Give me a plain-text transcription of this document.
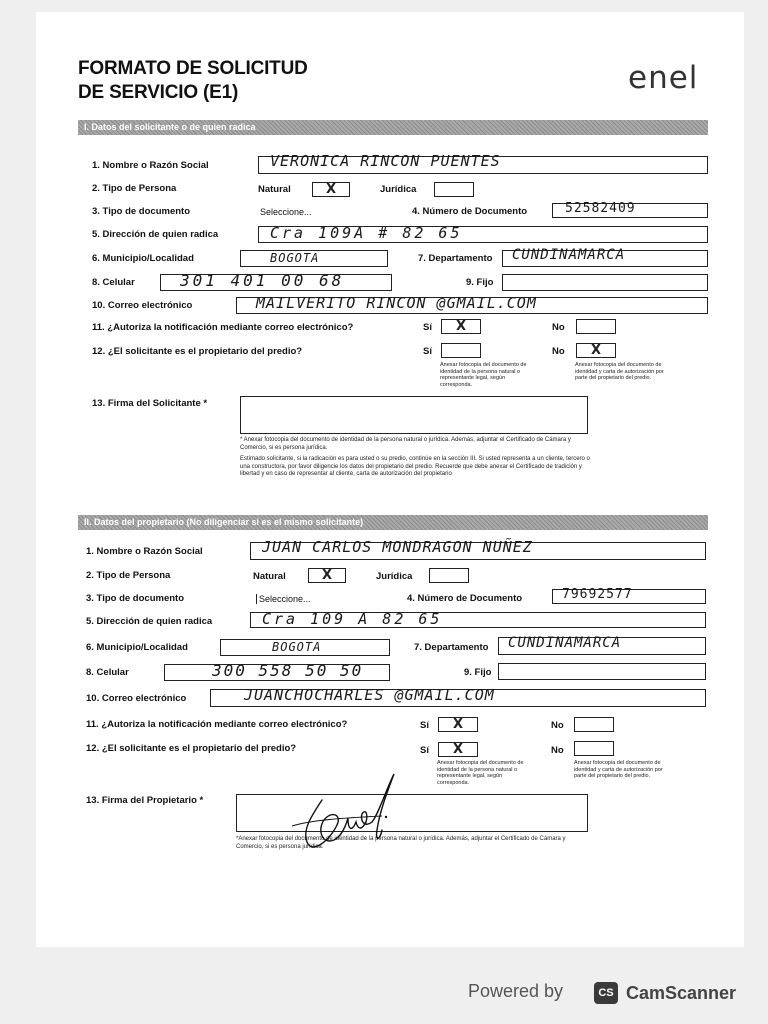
FORMATO DE SOLICITUD
DE SERVICIO (E1)	enel
I. Datos del solicitante o de quien radica
1. Nombre o Razón Social	VERONICA RINCON PUENTES
2. Tipo de Persona	Natural	X	Jurídica
3. Tipo de documento	Seleccione...	4. Número de Documento	52582409
5. Dirección de quien radica	Cra 109A # 82 65
6. Municipio/Localidad	BOGOTA	7. Departamento CUNDINAMARCA
8. Celular	301 401 00 68	9. Fijo
10. Correo electrónico	MAILVERITO RINCON @GMAIL.COM
11. ¿Autoriza la notificación mediante correo electrónico?	Sí	X	No
12. ¿El solicitante es el propietario del predio?	Sí	No	X
Anexar fotocopia del documento de identidad de la persona natural o representante legal, según corresponda.
Anexar fotocopia del documento de identidad y carta de autorización por parte del propietario del predio.
13. Firma del Solicitante *
* Anexar fotocopia del documento de identidad de la persona natural o jurídica. Además, adjuntar el Certificado de Cámara y Comercio, si es persona jurídica.
Estimado solicitante, si la radicación es para usted o su predio, continúe en la sección III. Si usted representa a un cliente, tercero o una constructora, por favor diligencie los datos del propietario del predio. Recuerde que debe anexar el Certificado de tradición y libertad y en caso de representar al cliente, carta de autorización del propietario
II. Datos del propietario (No diligenciar si es el mismo solicitante)
1. Nombre o Razón Social	JUAN CARLOS MONDRAGON NUÑEZ
2. Tipo de Persona	Natural	X	Jurídica
3. Tipo de documento	Seleccione...	4. Número de Documento	79692577
5. Dirección de quien radica	Cra 109 A 82 65
6. Municipio/Localidad	BOGOTA	7. Departamento CUNDINAMARCA
8. Celular	300 558 50 50	9. Fijo
10. Correo electrónico	JUANCHOCHARLES @GMAIL.COM
11. ¿Autoriza la notificación mediante correo electrónico?	Sí	X	No
12. ¿El solicitante es el propietario del predio?	Sí	X	No
Anexar fotocopia del documento de identidad de la persona natural o representante legal, según corresponda.
Anexar fotocopia del documento de identidad y carta de autorización por parte del propietario del predio.
13. Firma del Propietario *
*Anexar fotocopia del documento de identidad de la persona natural o jurídica. Además, adjuntar el Certificado de Cámara y Comercio, si es persona jurídica.
Powered by	CS CamScanner
